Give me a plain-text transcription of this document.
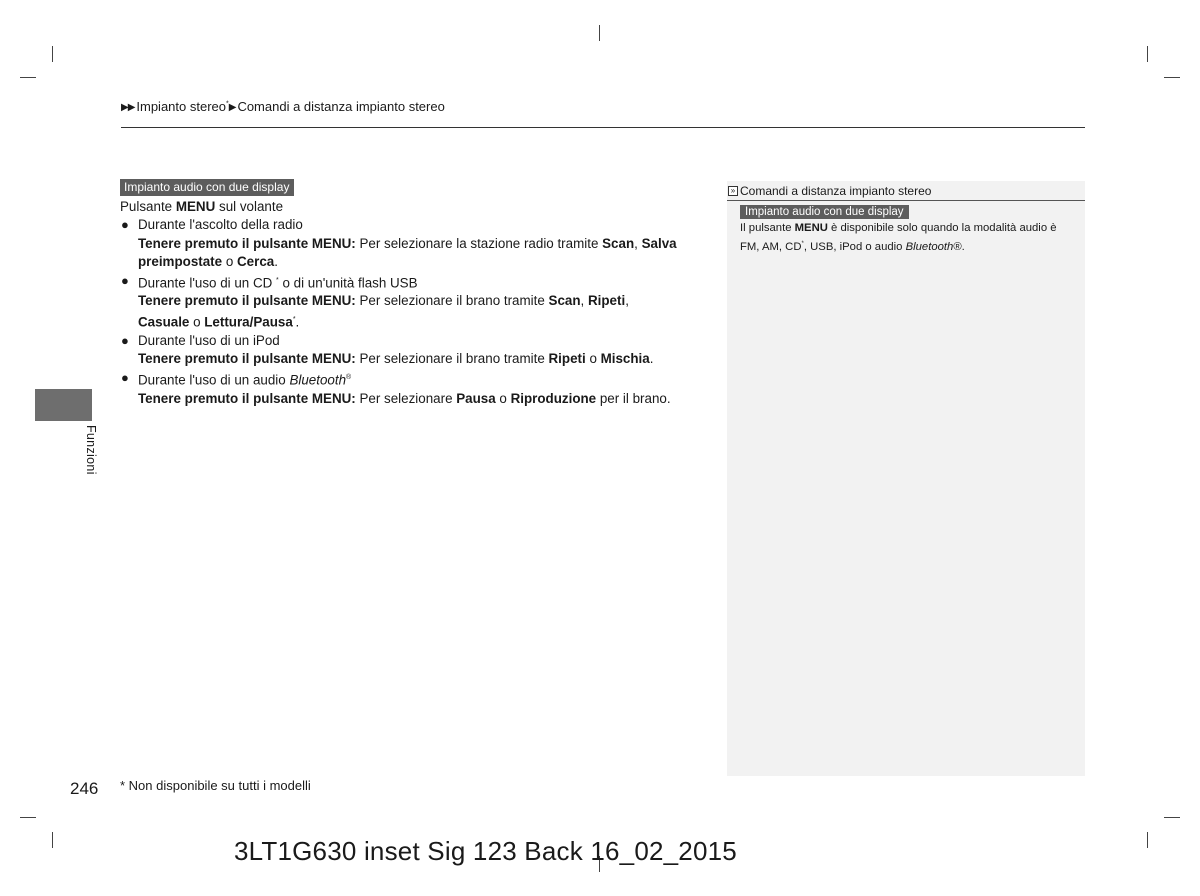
▶▶ Impianto stereo*▶ Comandi a distanza impianto stereo
Impianto audio con due display
Pulsante MENU sul volante
● Durante l'ascolto della radio
Tenere premuto il pulsante MENU: Per selezionare la stazione radio tramite Scan, Salva preimpostate o Cerca.
● Durante l'uso di un CD * o di un'unità flash USB
Tenere premuto il pulsante MENU: Per selezionare il brano tramite Scan, Ripeti,
Casuale o Lettura/Pausa*.
● Durante l'uso di un iPod
Tenere premuto il pulsante MENU: Per selezionare il brano tramite Ripeti o Mischia.
● Durante l'uso di un audio Bluetooth®
Tenere premuto il pulsante MENU: Per selezionare Pausa o Riproduzione per il brano.
Funzioni
» Comandi a distanza impianto stereo
Impianto audio con due display
Il pulsante MENU è disponibile solo quando la modalità audio è FM, AM, CD*, USB, iPod o audio Bluetooth®.
246 * Non disponibile su tutti i modelli
3LT1G630 inset Sig 123 Back 16_02_2015
